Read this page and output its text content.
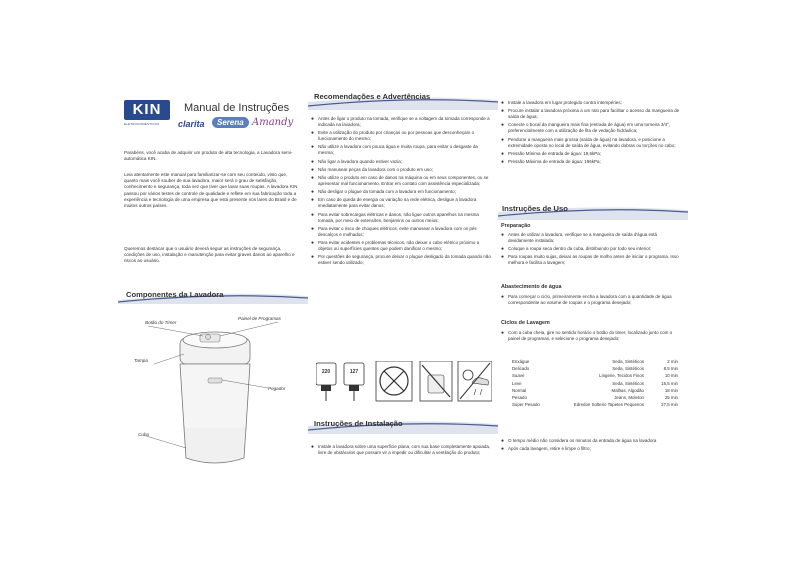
KIN
ELETRODOMÉSTICOS
Manual de Instruções
clarita	Serena Amandy

Parabéns, você acaba de adquirir um produto de alta tecnologia, a Lavadora semi-automática KIN.

Leia atentamente este manual para familiarizar-se com seu conteúdo, visto que, quanto mais você souber de sua lavadora, maior será o grau de satisfação, conhecimento e segurança, toda vez que tiver que lavar suas roupas. A lavadora KIN passou por vários testes de controle de qualidade e reflete em sua fabricação toda a experiência e tecnologia de uma empresa que está presente nos lares do Brasil e de muitos outros países.

Queremos destacar que o usuário deverá seguir as instruções de segurança, condições de uso, instalação e manutenção para evitar graves danos ao aparelho e riscos ao usuário.

Componentes da Lavadora
Botão do Timer
Painel de Programas
Tampa
Pegador
Cuba
Recomendações e Advertências
● Antes de ligar o produto na tomada, verifique se a voltagem da tomada corresponde a indicada na lavadora;
● Evite a utilização do produto por crianças ou por pessoas que desconheçam o funcionamento do mesmo;
● Não utilize a lavadora com pouca água e muita roupa, para evitar o desgaste da mesma;
● Não ligar a lavadora quando estiver vazia;
● Não manusear peças da lavadora com o produto em uso;
● Não utilize o produto em caso de danos na máquina ou em seus componentes, ou se apresentar mal funcionamento. Entrar em contato com assistência especializada;
● Não desligar o plugue da tomada com a lavadora em funcionamento;
● Em caso de queda de energia ou variação na rede elétrica, desligue a lavadora imediatamente para evitar danos;
● Para evitar sobrecargas elétricas e danos, não ligue outros aparelhos na mesma tomada, por meio de extensões, benjamins ou outros meios;
● Para evitar o risco de choques elétricos, evite manusear a lavadora com os pés descalços e molhados;
● Para evitar acidentes e problemas técnicos, não deixar o cabo elétrico próximo a objetos ou superfícies quentes que podem danificar o mesmo;
● Por questões de segurança, procure deixar o plugue desligado da tomada quando não estiver sendo utilizado;
220	127
Instruções de Instalação
● Instale a lavadora sobre uma superfície plana, com sua base completamente apoiada, livre de obstáculos que possam vir a impedir ou dificultar a ventilação do produto;
● Instale a lavadora em lugar protegido contra intempéries;
● Procure instalar a lavadora próxima a um ralo para facilitar o acesso da mangueira de saída de água;
● Conecte o bocal da mangueira mais fina (entrada de água) em uma torneira 3/4", preferencialmente com a utilização de fita de vedação hidráulica;
● Pendurar a mangueira mais grossa (saída de água) na lavadora, e posicione a extremidade oposta no local de saída de água, evitando dobras ou torções no cabo;
● Pressão Mínima de entrada de água: 19,6kPa;
● Pressão Máxima de entrada de água: 196kPa;
Instruções de Uso
Preparação
● Antes de utilizar a lavadora, verifique se a mangueira de saída d'água está devidamente instalada;
● Coloque a roupa seca dentro da cuba, distribuindo por todo seu interior;
● Para roupas muito sujas, deixar as roupas de molho antes de iniciar o programa. Isso melhora e facilita a lavagem;
Abastecimento de água
● Para começar o ciclo, primeiramente encha a lavadora com a quantidade de água correspondente ao volume de roupas e o programa desejado;
Ciclos de Lavagem
● Com a cuba cheia, gire no sentido horário o botão do timer, localizado junto com o painel de programas, e selecione o programa desejado;
Enxágue	Seda, Sintéticos	2 min
Delicado	Seda, Sintéticos	8,5 min
Suave	Lingerie, Tecidos Finos	10 min
Leve	Seda, Sintéticos	16,5 min
Normal	Malhas, Algodão	18 min
Pesado	Jeans, Moleton	25 min
Super Pesado	Edredon Solteiro Tapetes Pequenos	27,5 min
● O tempo médio não considera os minutos da entrada de água na lavadora
● Após cada lavagem, retire e limpe o filtro;
